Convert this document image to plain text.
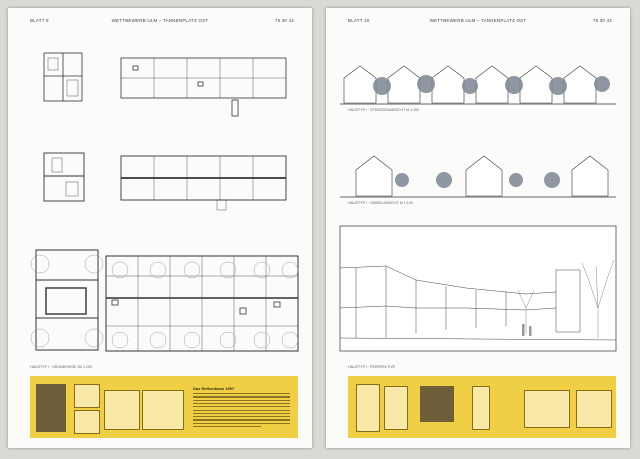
BLATT 9	WETTBEWERB ULM – TANNENPLATZ OST	75 30 44
HAUSTYP I · GRUNDRISSE 1M 1:100
Das Reihenhaus 1997
BLATT 10	WETTBEWERB ULM – TANNENPLATZ OST	75 30 44
HAUSTYP I · STRASSENANSICHT M 1:100
HAUSTYP I · GIEBELANSICHT M 1:100
HAUSTYP I · PERSPEKTIVE
